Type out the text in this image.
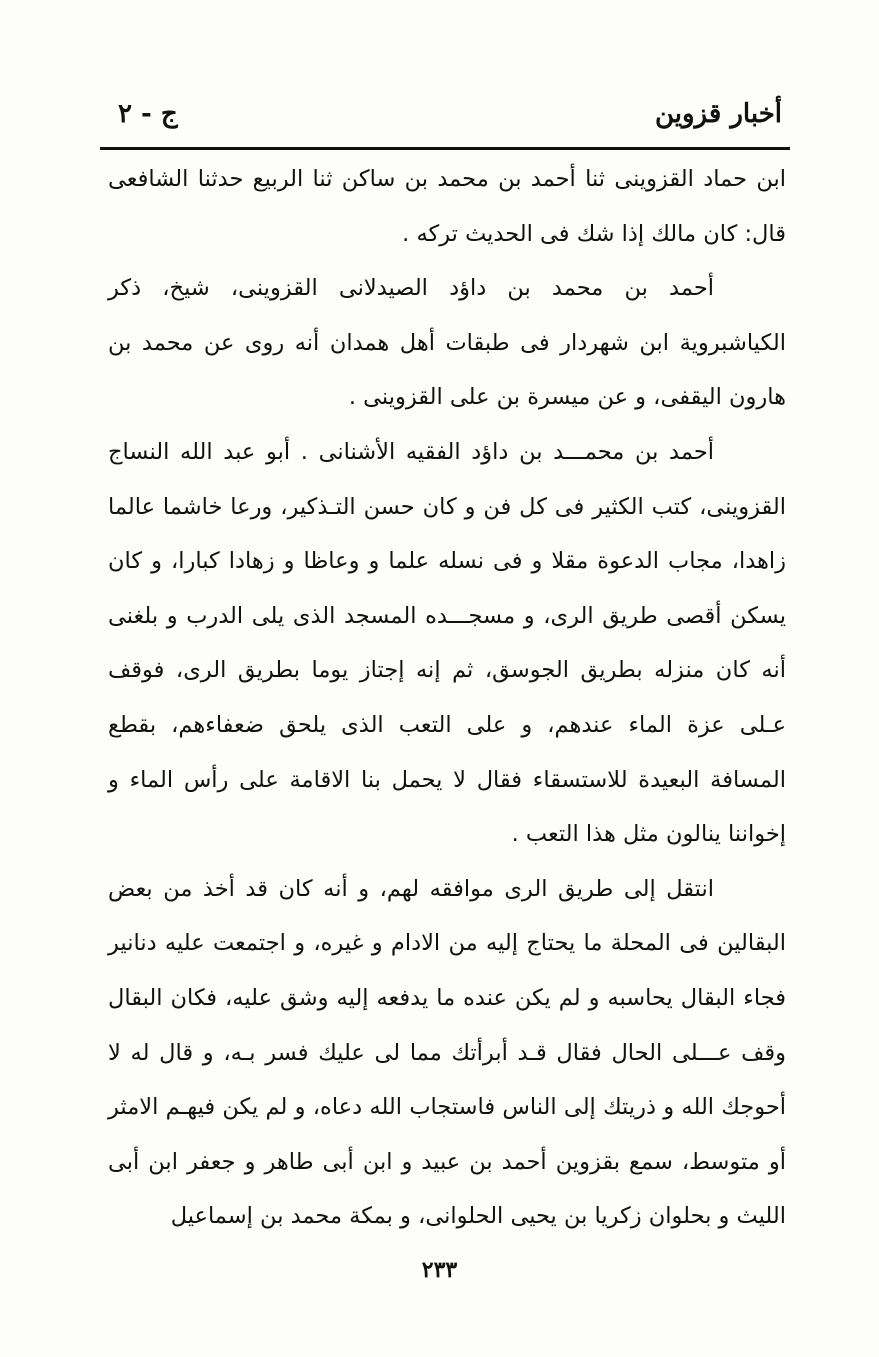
أخبار قزوين
ج - ٢

ابن حماد القزوينى ثنا أحمد بن محمد بن ساكن ثنا الربيع حدثنا الشافعى قال: كان مالك إذا شك فى الحديث تركه .

أحمد بن محمد بن داؤد الصيدلانى القزوينى، شيخ، ذكر الكياشبروية ابن شهردار فى طبقات أهل همدان أنه روى عن محمد بن هارون اليقفى، و عن ميسرة بن على القزوينى .

أحمد بن محمـــد بن داؤد الفقيه الأشنانى . أبو عبد الله النساج القزوينى، كتب الكثير فى كل فن و كان حسن التـذكير، ورعا خاشما عالما زاهدا، مجاب الدعوة مقلا و فى نسله علما و وعاظا و زهادا كبارا، و كان يسكن أقصى طريق الرى، و مسجـــده المسجد الذى يلى الدرب و بلغنى أنه كان منزله بطريق الجوسق، ثم إنه إجتاز يوما بطريق الرى، فوقف عـلى عزة الماء عندهم، و على التعب الذى يلحق ضعفاءهم، بقطع المسافة البعيدة للاستسقاء فقال لا يحمل بنا الاقامة على رأس الماء و إخواننا ينالون مثل هذا التعب .

انتقل إلى طريق الرى موافقه لهم، و أنه كان قد أخذ من بعض البقالين فى المحلة ما يحتاج إليه من الادام و غيره، و اجتمعت عليه دنانير فجاء البقال يحاسبه و لم يكن عنده ما يدفعه إليه وشق عليه، فكان البقال وقف عـــلى الحال فقال قـد أبرأتك مما لى عليك فسر بـه، و قال له لا أحوجك الله و ذريتك إلى الناس فاستجاب الله دعاه، و لم يكن فيهـم الامثر أو متوسط، سمع بقزوين أحمد بن عبيد و ابن أبى طاهر و جعفر ابن أبى الليث و بحلوان زكريا بن يحيى الحلوانى، و بمكة محمد بن إسماعيل

٢٣٣
